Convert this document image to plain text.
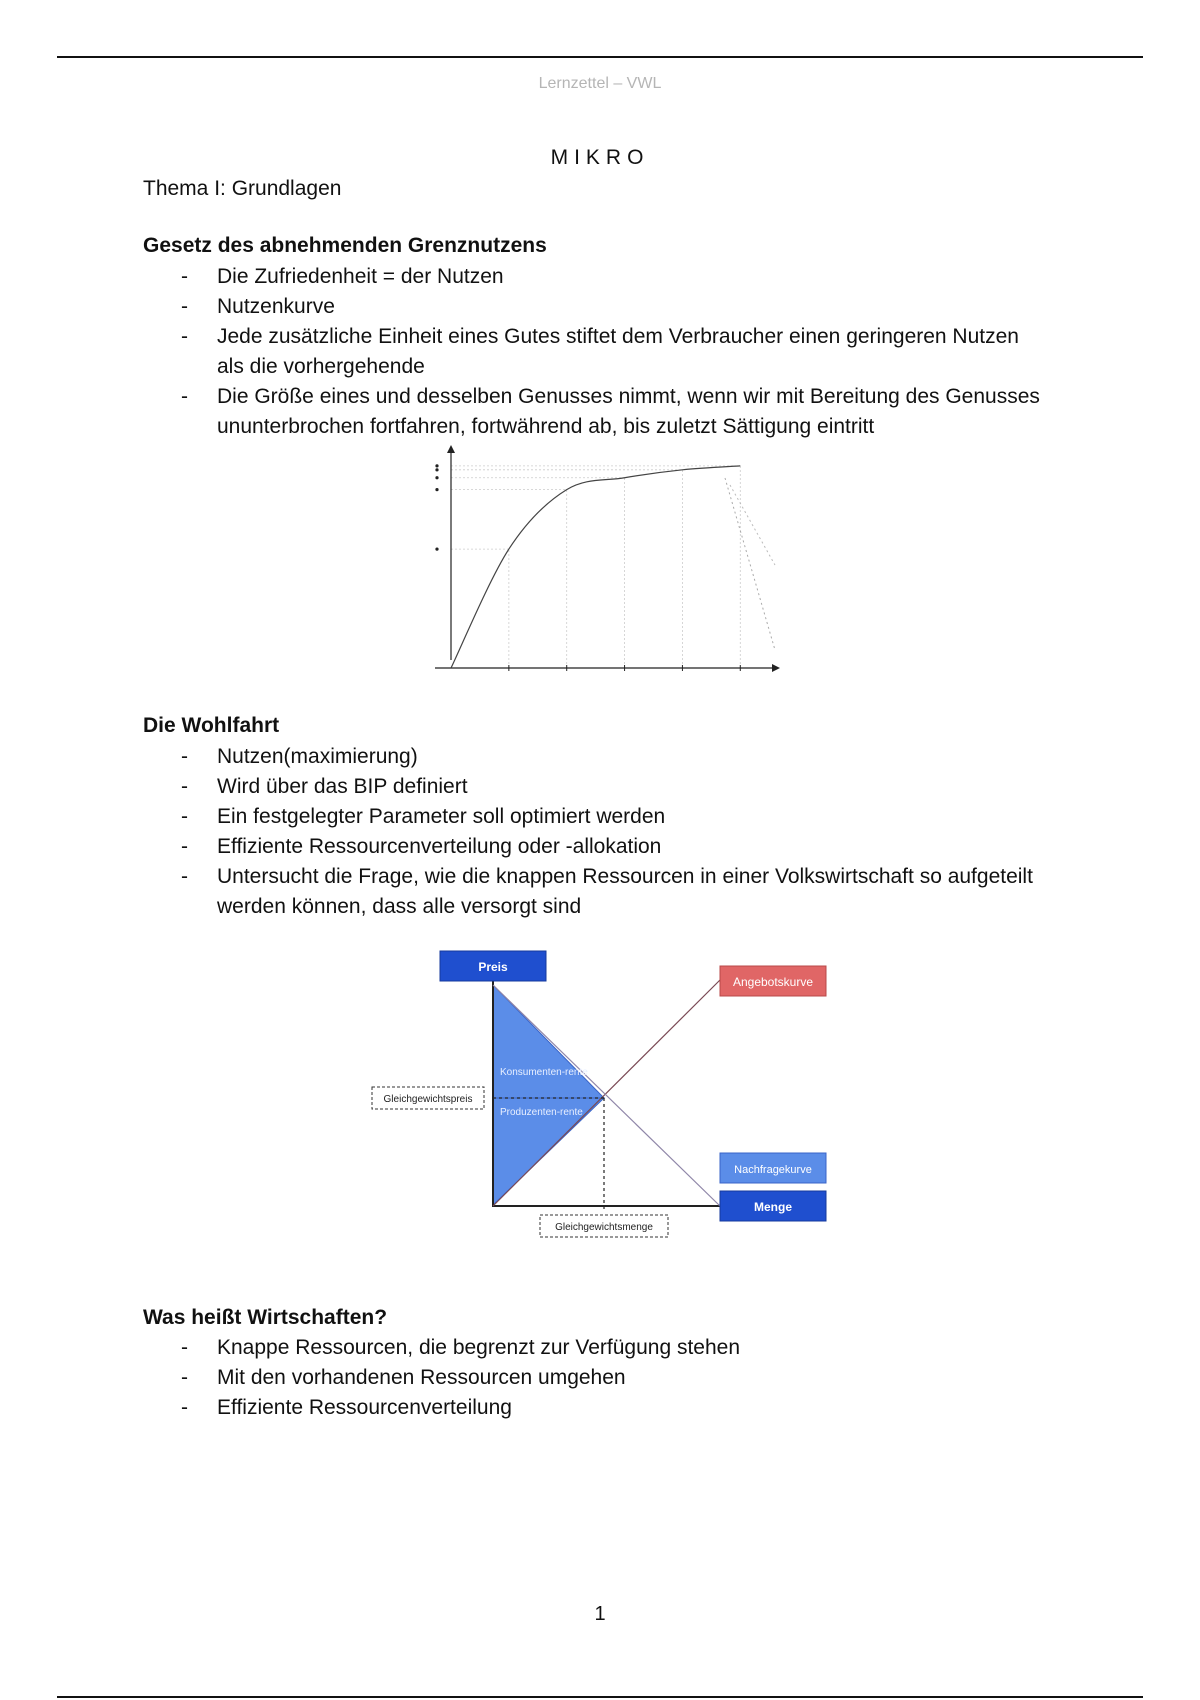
Lernzettel – VWL
MIKRO
Thema I: Grundlagen
Gesetz des abnehmenden Grenznutzens
- Die Zufriedenheit = der Nutzen
- Nutzenkurve
- Jede zusätzliche Einheit eines Gutes stiftet dem Verbraucher einen geringeren Nutzen als die vorhergehende
- Die Größe eines und desselben Genusses nimmt, wenn wir mit Bereitung des Genusses ununterbrochen fortfahren, fortwährend ab, bis zuletzt Sättigung eintritt
Die Wohlfahrt
- Nutzen(maximierung)
- Wird über das BIP definiert
- Ein festgelegter Parameter soll optimiert werden
- Effiziente Ressourcenverteilung oder -allokation
- Untersucht die Frage, wie die knappen Ressourcen in einer Volkswirtschaft so aufgeteilt werden können, dass alle versorgt sind
Konsumenten-rente
Produzenten-rente
Preis
Angebotskurve
Nachfragekurve
Menge
Gleichgewichtspreis
Gleichgewichtsmenge
Was heißt Wirtschaften?
- Knappe Ressourcen, die begrenzt zur Verfügung stehen
- Mit den vorhandenen Ressourcen umgehen
- Effiziente Ressourcenverteilung
1
